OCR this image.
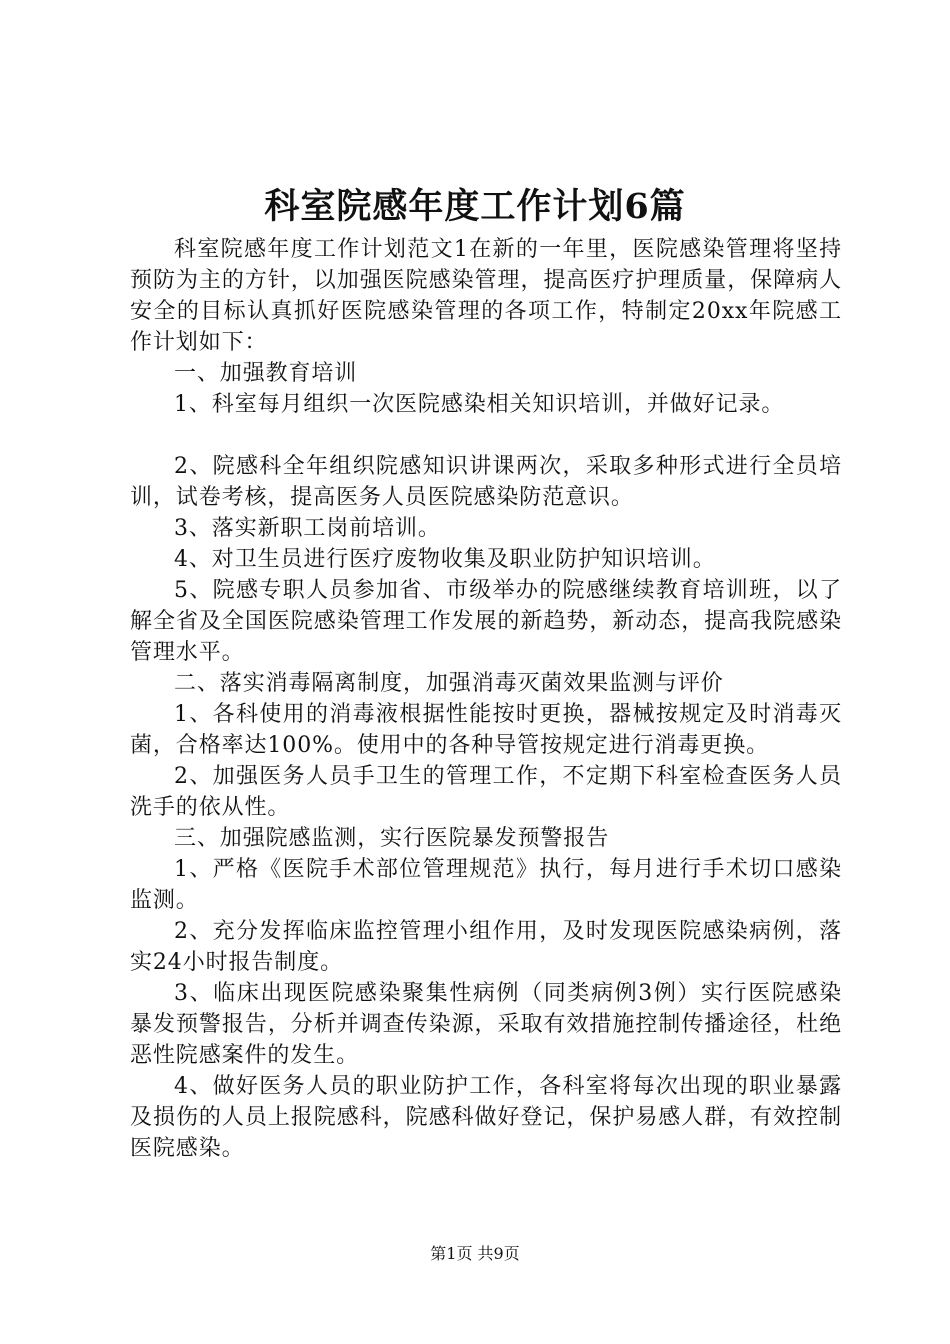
科室院感年度工作计划6篇

科室院感年度工作计划范文1在新的一年里，医院感染管理将坚持预防为主的方针，以加强医院感染管理，提高医疗护理质量，保障病人安全的目标认真抓好医院感染管理的各项工作，特制定20xx年院感工作计划如下：

一、加强教育培训

1、科室每月组织一次医院感染相关知识培训，并做好记录。

2、院感科全年组织院感知识讲课两次，采取多种形式进行全员培训，试卷考核，提高医务人员医院感染防范意识。

3、落实新职工岗前培训。

4、对卫生员进行医疗废物收集及职业防护知识培训。

5、院感专职人员参加省、市级举办的院感继续教育培训班，以了解全省及全国医院感染管理工作发展的新趋势，新动态，提高我院感染管理水平。

二、落实消毒隔离制度，加强消毒灭菌效果监测与评价

1、各科使用的消毒液根据性能按时更换，器械按规定及时消毒灭菌，合格率达100%。使用中的各种导管按规定进行消毒更换。

2、加强医务人员手卫生的管理工作，不定期下科室检查医务人员洗手的依从性。

三、加强院感监测，实行医院暴发预警报告

1、严格《医院手术部位管理规范》执行，每月进行手术切口感染监测。

2、充分发挥临床监控管理小组作用，及时发现医院感染病例，落实24小时报告制度。

3、临床出现医院感染聚集性病例（同类病例3例）实行医院感染暴发预警报告，分析并调查传染源，采取有效措施控制传播途径，杜绝恶性院感案件的发生。

4、做好医务人员的职业防护工作，各科室将每次出现的职业暴露及损伤的人员上报院感科，院感科做好登记，保护易感人群，有效控制医院感染。

第1页 共9页
